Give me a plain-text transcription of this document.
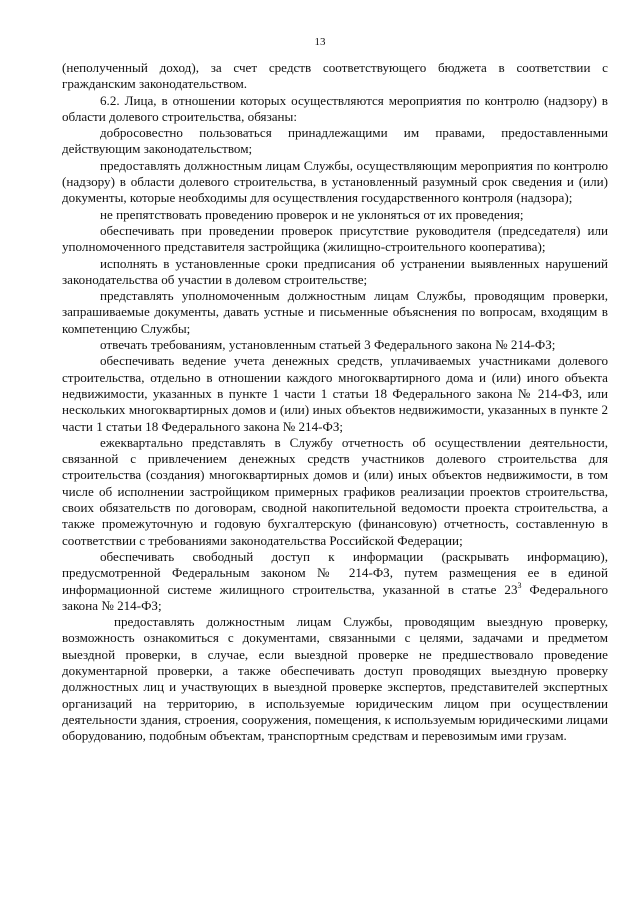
13

(неполученный доход), за счет средств соответствующего бюджета в соответствии с гражданским законодательством.

6.2. Лица, в отношении которых осуществляются мероприятия по контролю (надзору) в области долевого строительства, обязаны:

добросовестно пользоваться принадлежащими им правами, предоставленными действующим законодательством;

предоставлять должностным лицам Службы, осуществляющим мероприятия по контролю (надзору) в области долевого строительства, в установленный разумный срок сведения и (или) документы, которые необходимы для осуществления государственного контроля (надзора);

не препятствовать проведению проверок и не уклоняться от их проведения;

обеспечивать при проведении проверок присутствие руководителя (председателя) или уполномоченного представителя застройщика (жилищно-строительного кооператива);

исполнять в установленные сроки предписания об устранении выявленных нарушений законодательства об участии в долевом строительстве;

представлять уполномоченным должностным лицам Службы, проводящим проверки, запрашиваемые документы, давать устные и письменные объяснения по вопросам, входящим в компетенцию Службы;

отвечать требованиям, установленным статьей 3 Федерального закона № 214-ФЗ;

обеспечивать ведение учета денежных средств, уплачиваемых участниками долевого строительства, отдельно в отношении каждого многоквартирного дома и (или) иного объекта недвижимости, указанных в пункте 1 части 1 статьи 18 Федерального закона № 214-ФЗ, или нескольких многоквартирных домов и (или) иных объектов недвижимости, указанных в пункте 2 части 1 статьи 18 Федерального закона № 214-ФЗ;

ежеквартально представлять в Службу отчетность об осуществлении деятельности, связанной с привлечением денежных средств участников долевого строительства для строительства (создания) многоквартирных домов и (или) иных объектов недвижимости, в том числе об исполнении застройщиком примерных графиков реализации проектов строительства, своих обязательств по договорам, сводной накопительной ведомости проекта строительства, а также промежуточную и годовую бухгалтерскую (финансовую) отчетность, составленную в соответствии с требованиями законодательства Российской Федерации;

обеспечивать свободный доступ к информации (раскрывать информацию), предусмотренной Федеральным законом № 214-ФЗ, путем размещения ее в единой информационной системе жилищного строительства, указанной в статье $23^3$ Федерального закона № 214-ФЗ;

предоставлять должностным лицам Службы, проводящим выездную проверку, возможность ознакомиться с документами, связанными с целями, задачами и предметом выездной проверки, в случае, если выездной проверке не предшествовало проведение документарной проверки, а также обеспечивать доступ проводящих выездную проверку должностных лиц и участвующих в выездной проверке экспертов, представителей экспертных организаций на территорию, в используемые юридическим лицом при осуществлении деятельности здания, строения, сооружения, помещения, к используемым юридическими лицами оборудованию, подобным объектам, транспортным средствам и перевозимым ими грузам.
